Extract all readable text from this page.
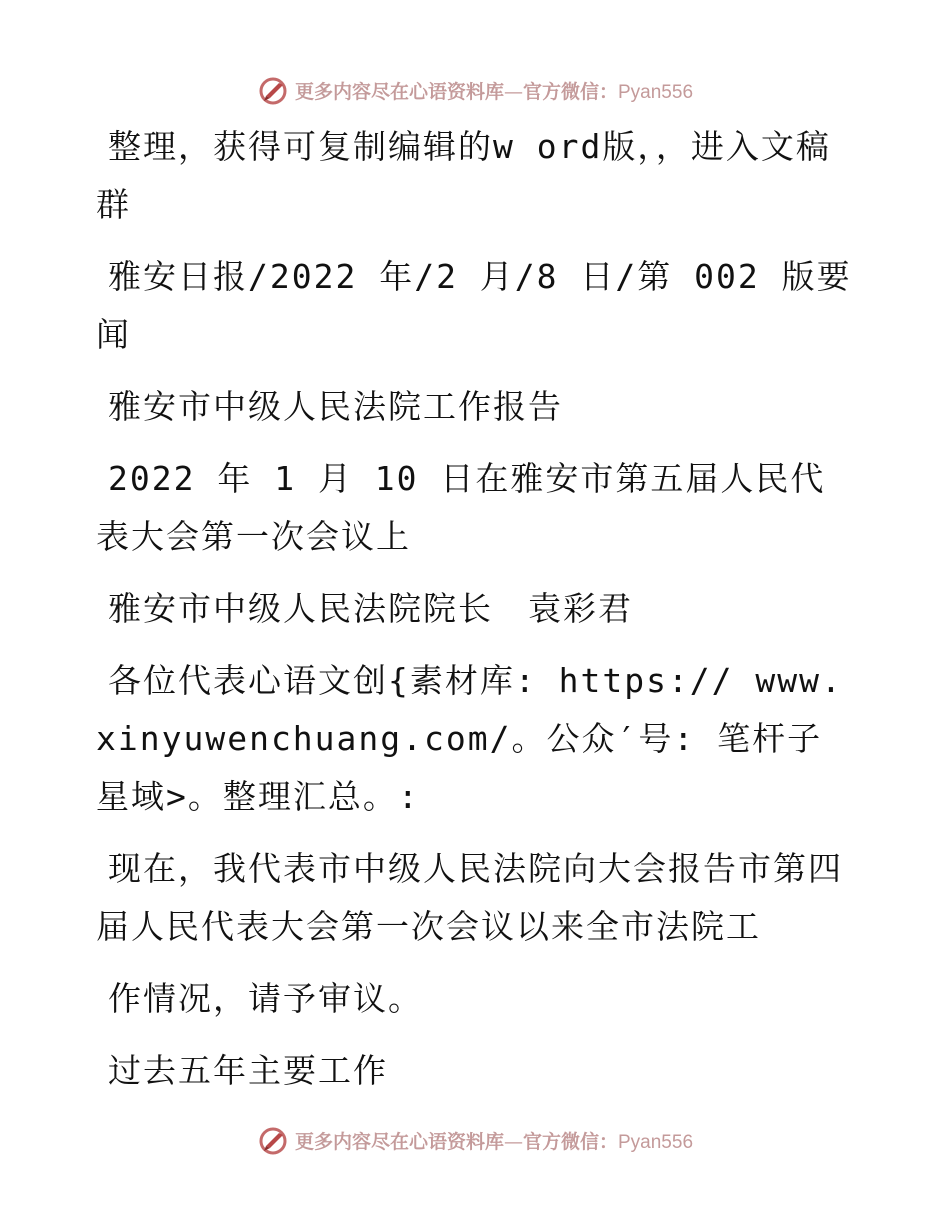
更多内容尽在心语资料库—官方微信：Pyan556

整理，获得可复制编辑的w ord版，，进入文稿群

雅安日报/2022 年/2 月/8 日/第 002 版要闻

雅安市中级人民法院工作报告

2022 年 1 月 10 日在雅安市第五届人民代表大会第一次会议上

雅安市中级人民法院院长　袁彩君

各位代表心语文创{素材库: https:// www.xinyuwenchuang.com/。公众′号: 笔杆子星域>。整理汇总。:

现在，我代表市中级人民法院向大会报告市第四届人民代表大会第一次会议以来全市法院工

作情况，请予审议。

过去五年主要工作

更多内容尽在心语资料库—官方微信：Pyan556
